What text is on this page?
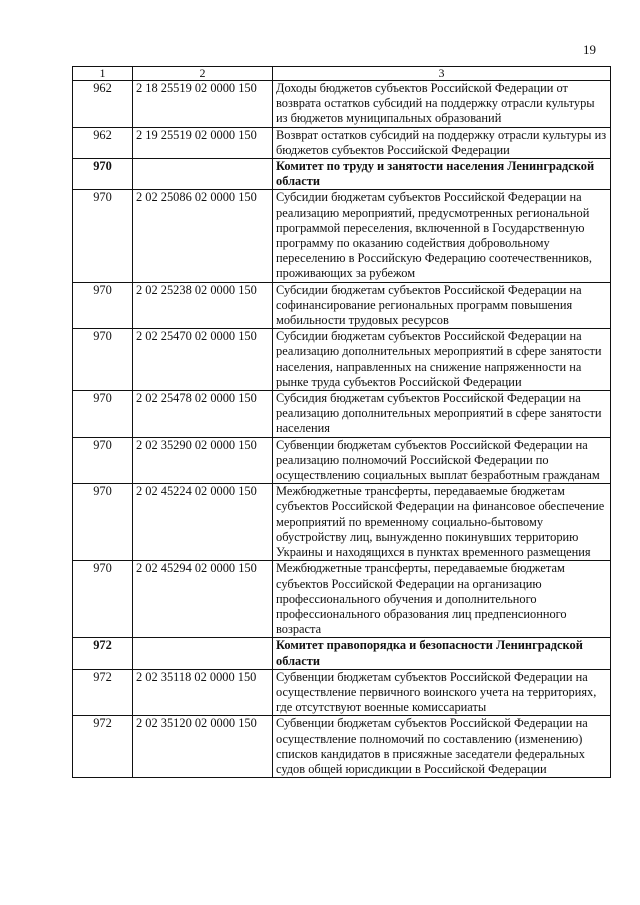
19
1	2	3
962	2 18 25519 02 0000 150	Доходы бюджетов субъектов Российской Федерации от возврата остатков субсидий на поддержку отрасли культуры из бюджетов муниципальных образований
962	2 19 25519 02 0000 150	Возврат остатков субсидий на поддержку отрасли культуры из бюджетов субъектов Российской Федерации
970		Комитет по труду и занятости населения Ленинградской области
970	2 02 25086 02 0000 150	Субсидии бюджетам субъектов Российской Федерации на реализацию мероприятий, предусмотренных региональной программой переселения, включенной в Государственную программу по оказанию содействия добровольному переселению в Российскую Федерацию соотечественников, проживающих за рубежом
970	2 02 25238 02 0000 150	Субсидии бюджетам субъектов Российской Федерации на софинансирование региональных программ повышения мобильности трудовых ресурсов
970	2 02 25470 02 0000 150	Субсидии бюджетам субъектов Российской Федерации на реализацию дополнительных мероприятий в сфере занятости населения, направленных на снижение напряженности на рынке труда субъектов Российской Федерации
970	2 02 25478 02 0000 150	Субсидия бюджетам субъектов Российской Федерации на реализацию дополнительных мероприятий в сфере занятости населения
970	2 02 35290 02 0000 150	Субвенции бюджетам субъектов Российской Федерации на реализацию полномочий Российской Федерации по осуществлению социальных выплат безработным гражданам
970	2 02 45224 02 0000 150	Межбюджетные трансферты, передаваемые бюджетам субъектов Российской Федерации на финансовое обеспечение мероприятий по временному социально-бытовому обустройству лиц, вынужденно покинувших территорию Украины и находящихся в пунктах временного размещения
970	2 02 45294 02 0000 150	Межбюджетные трансферты, передаваемые бюджетам субъектов Российской Федерации на организацию профессионального обучения и дополнительного профессионального образования лиц предпенсионного возраста
972		Комитет правопорядка и безопасности Ленинградской области
972	2 02 35118 02 0000 150	Субвенции бюджетам субъектов Российской Федерации на осуществление первичного воинского учета на территориях, где отсутствуют военные комиссариаты
972	2 02 35120 02 0000 150	Субвенции бюджетам субъектов Российской Федерации на осуществление полномочий по составлению (изменению) списков кандидатов в присяжные заседатели федеральных судов общей юрисдикции в Российской Федерации
